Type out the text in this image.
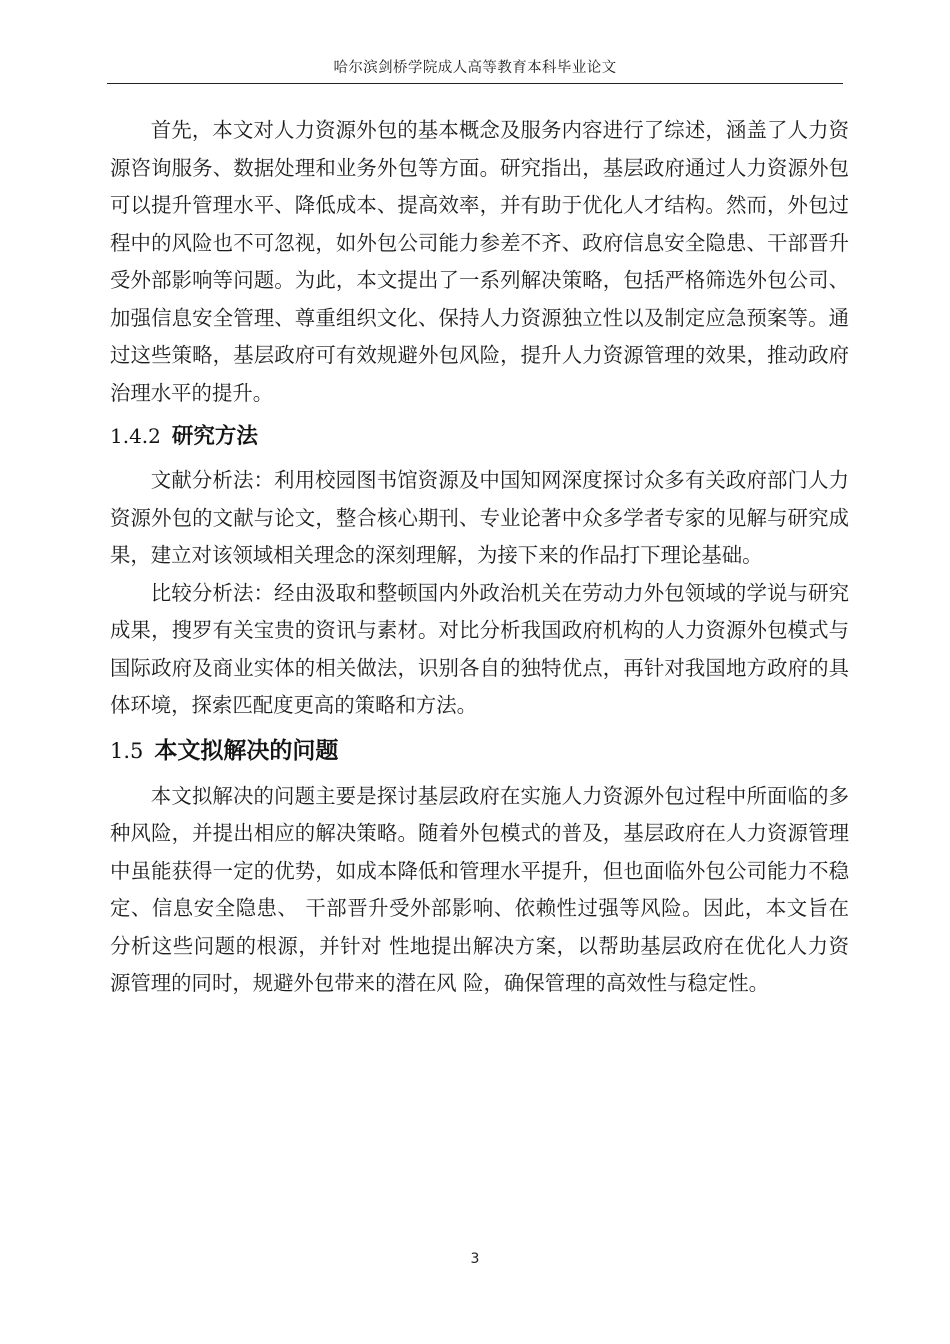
哈尔滨剑桥学院成人高等教育本科毕业论文

首先，本文对人力资源外包的基本概念及服务内容进行了综述，涵盖了人力资源咨询服务、数据处理和业务外包等方面。研究指出，基层政府通过人力资源外包可以提升管理水平、降低成本、提高效率，并有助于优化人才结构。然而，外包过程中的风险也不可忽视，如外包公司能力参差不齐、政府信息安全隐患、干部晋升受外部影响等问题。为此，本文提出了一系列解决策略，包括严格筛选外包公司、加强信息安全管理、尊重组织文化、保持人力资源独立性以及制定应急预案等。通过这些策略，基层政府可有效规避外包风险，提升人力资源管理的效果，推动政府治理水平的提升。

1.4.2 研究方法

文献分析法：利用校园图书馆资源及中国知网深度探讨众多有关政府部门人力资源外包的文献与论文，整合核心期刊、专业论著中众多学者专家的见解与研究成果，建立对该领域相关理念的深刻理解，为接下来的作品打下理论基础。

比较分析法：经由汲取和整顿国内外政治机关在劳动力外包领域的学说与研究成果，搜罗有关宝贵的资讯与素材。对比分析我国政府机构的人力资源外包模式与国际政府及商业实体的相关做法，识别各自的独特优点，再针对我国地方政府的具体环境，探索匹配度更高的策略和方法。

1.5 本文拟解决的问题

本文拟解决的问题主要是探讨基层政府在实施人力资源外包过程中所面临的多种风险，并提出相应的解决策略。随着外包模式的普及，基层政府在人力资源管理中虽能获得一定的优势，如成本降低和管理水平提升，但也面临外包公司能力不稳定、信息安全隐患、 干部晋升受外部影响、依赖性过强等风险。因此，本文旨在分析这些问题的根源，并针对 性地提出解决方案，以帮助基层政府在优化人力资源管理的同时，规避外包带来的潜在风 险，确保管理的高效性与稳定性。

3
